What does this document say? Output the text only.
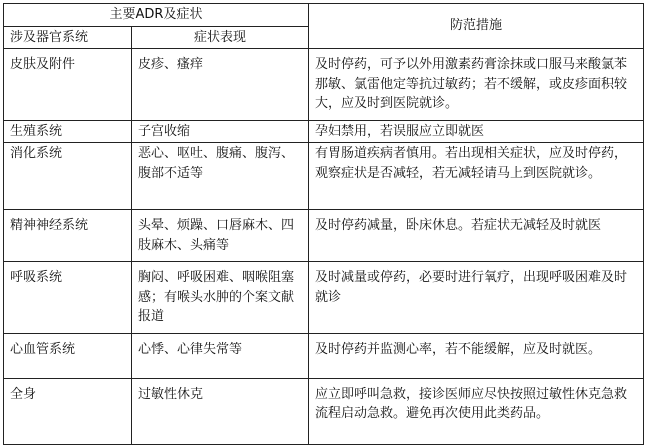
主要ADR及症状		防范措施
涉及器官系统	症状表现	
皮肤及附件	皮疹、瘙痒	及时停药，可予以外用激素药膏涂抹或口服马来酸氯苯那敏、氯雷他定等抗过敏药；若不缓解，或皮疹面积较大，应及时到医院就诊。
生殖系统	子宫收缩	孕妇禁用，若误服应立即就医
消化系统	恶心、呕吐、腹痛、腹泻、腹部不适等	有胃肠道疾病者慎用。若出现相关症状，应及时停药，观察症状是否减轻，若无减轻请马上到医院就诊。
精神神经系统	头晕、烦躁、口唇麻木、四肢麻木、头痛等	及时停药减量，卧床休息。若症状无减轻及时就医
呼吸系统	胸闷、呼吸困难、咽喉阻塞感；有喉头水肿的个案文献报道	及时减量或停药，必要时进行氧疗，出现呼吸困难及时就诊
心血管系统	心悸、心律失常等	及时停药并监测心率，若不能缓解，应及时就医。
全身	过敏性休克	应立即呼叫急救，接诊医师应尽快按照过敏性休克急救流程启动急救。避免再次使用此类药品。
